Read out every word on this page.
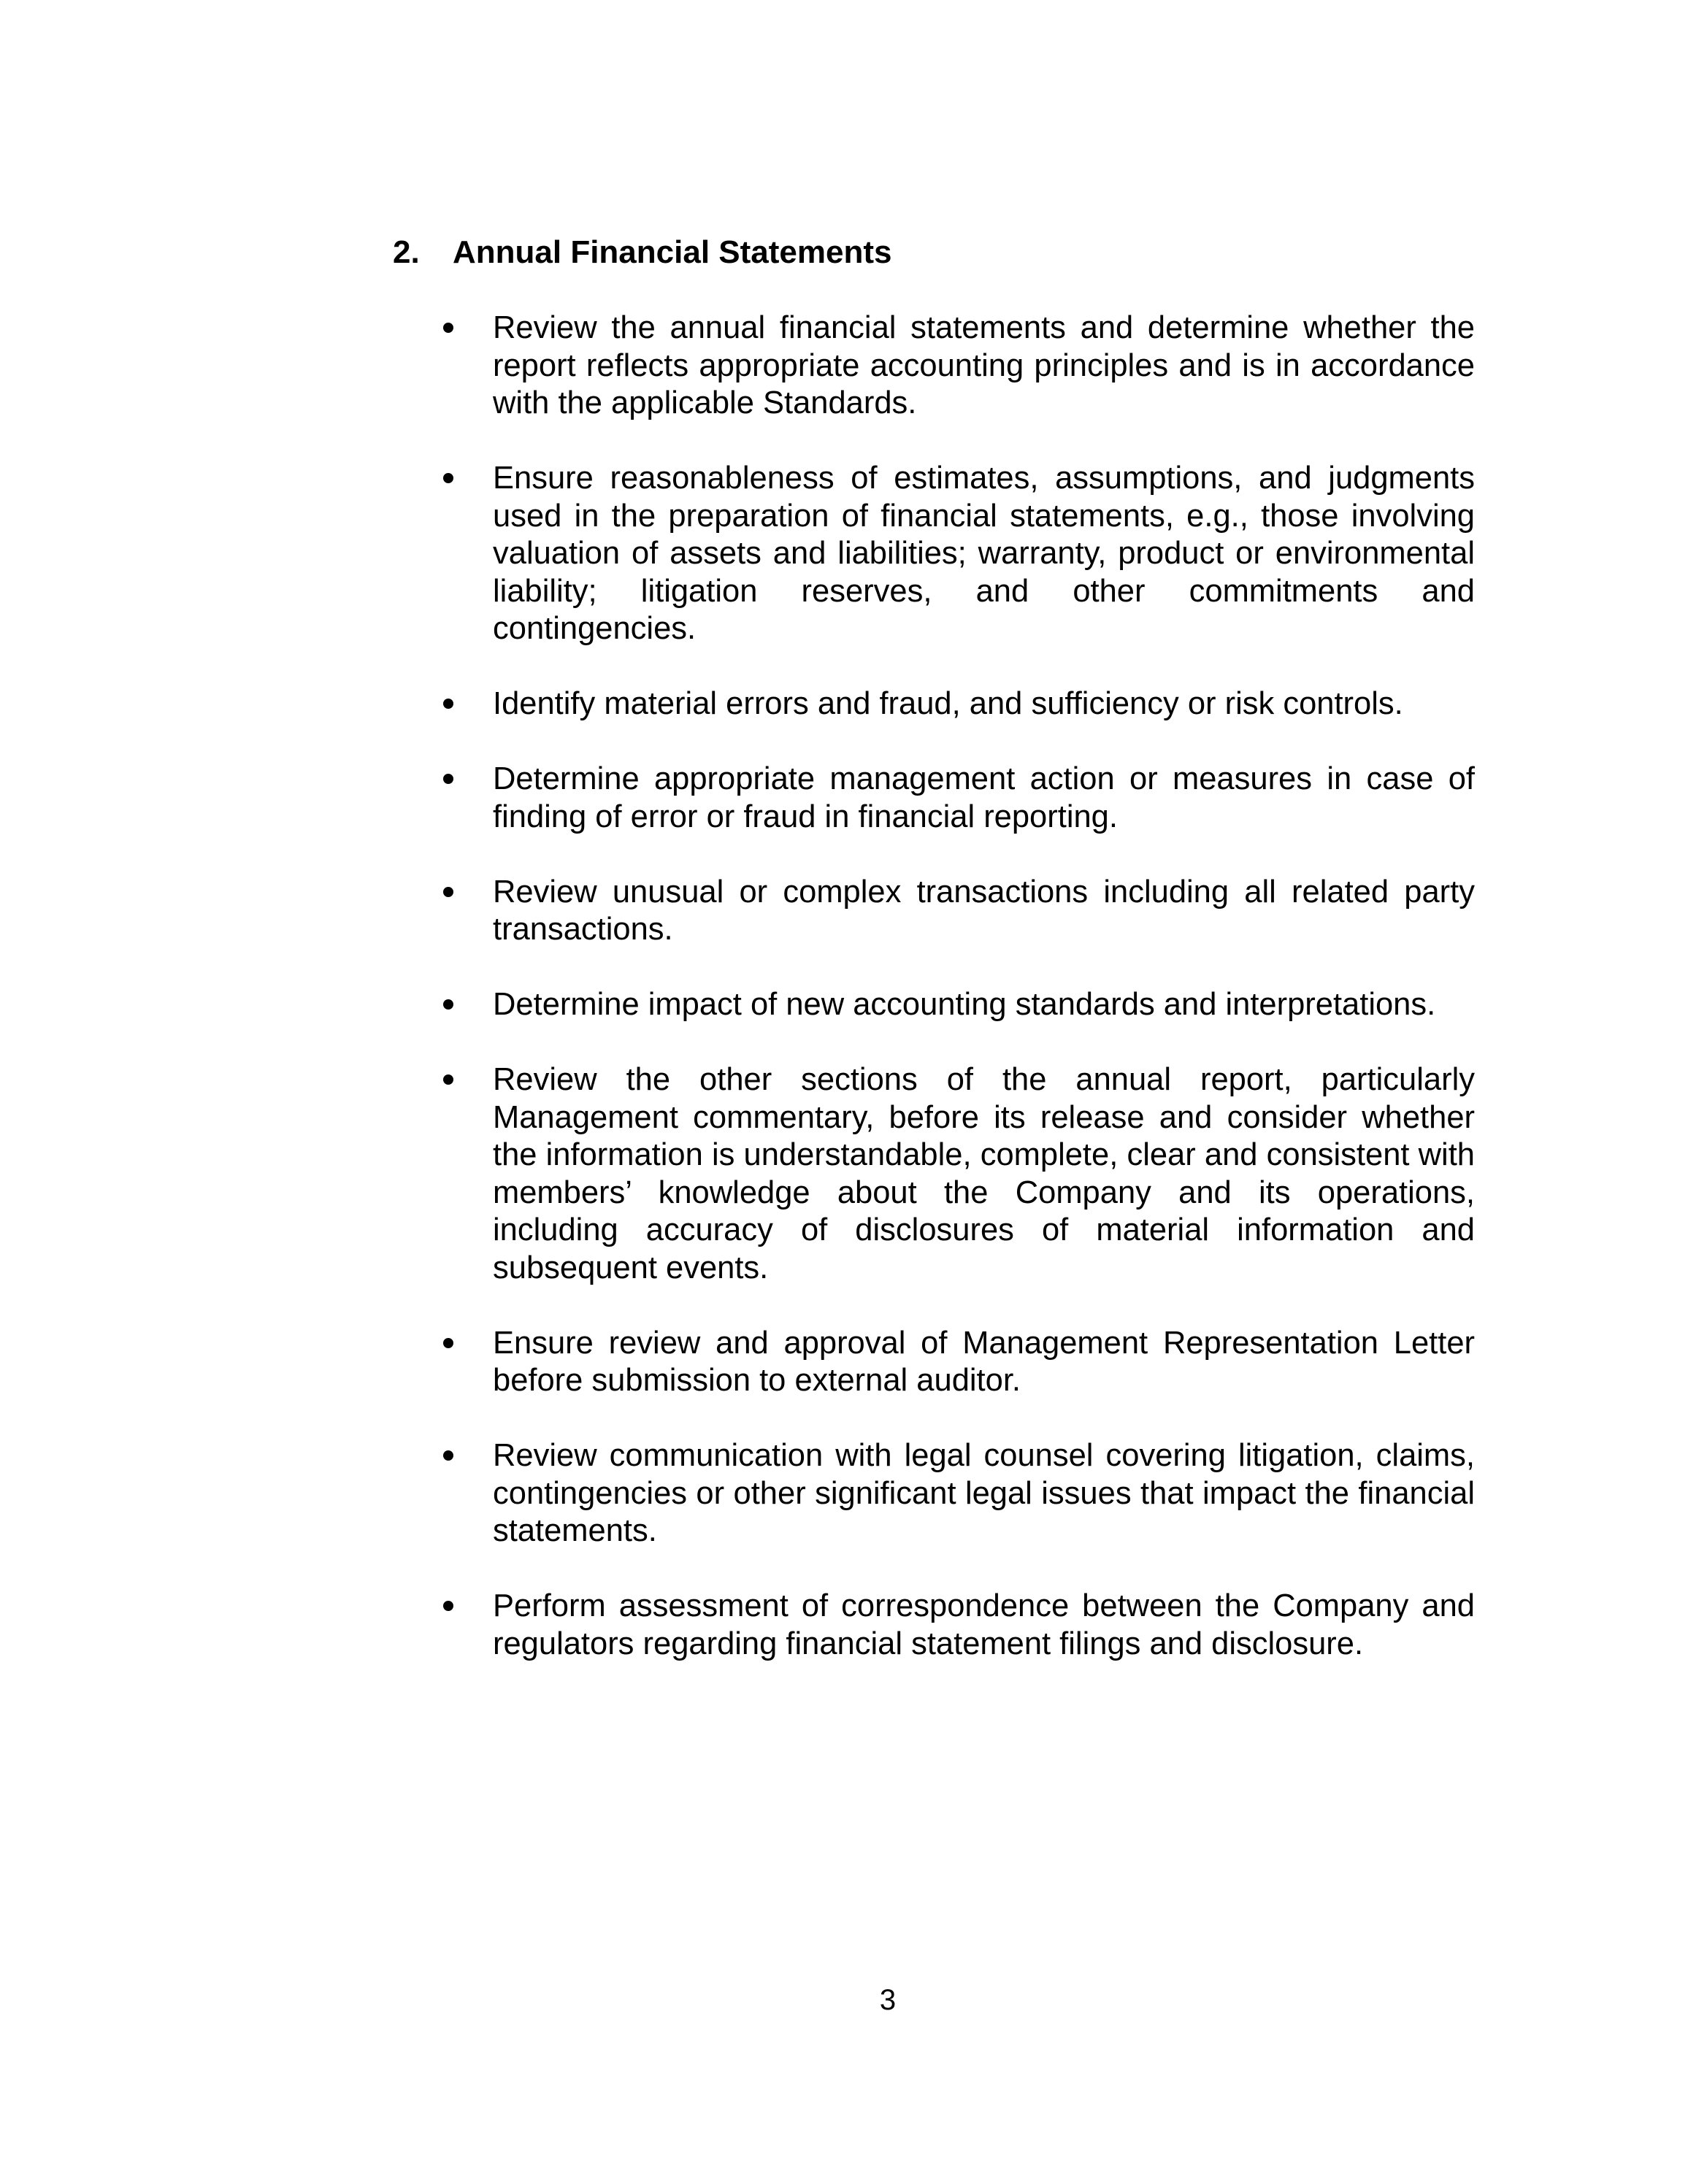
2. Annual Financial Statements
Review the annual financial statements and determine whether the report reflects appropriate accounting principles and is in accordance with the applicable Standards.
Ensure reasonableness of estimates, assumptions, and judgments used in the preparation of financial statements, e.g., those involving valuation of assets and liabilities; warranty, product or environmental liability; litigation reserves, and other commitments and contingencies.
Identify material errors and fraud, and sufficiency or risk controls.
Determine appropriate management action or measures in case of finding of error or fraud in financial reporting.
Review unusual or complex transactions including all related party transactions.
Determine impact of new accounting standards and interpretations.
Review the other sections of the annual report, particularly Management commentary, before its release and consider whether the information is understandable, complete, clear and consistent with members’ knowledge about the Company and its operations, including accuracy of disclosures of material information and subsequent events.
Ensure review and approval of Management Representation Letter before submission to external auditor.
Review communication with legal counsel covering litigation, claims, contingencies or other significant legal issues that impact the financial statements.
Perform assessment of correspondence between the Company and regulators regarding financial statement filings and disclosure.
3
